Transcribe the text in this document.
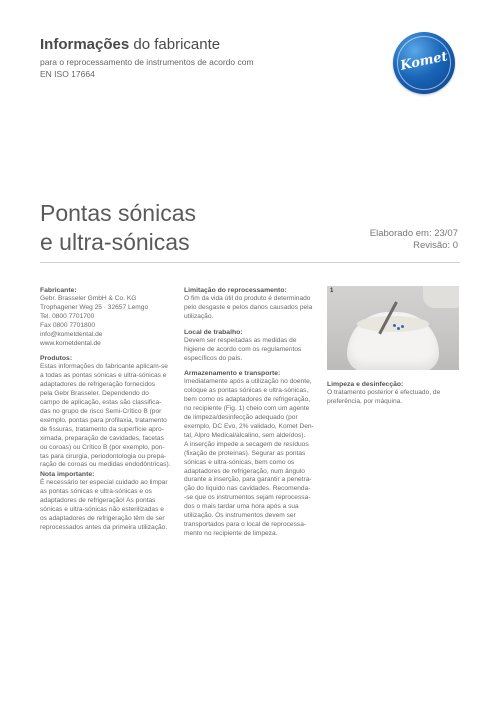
Informações do fabricante
para o reprocessamento de instrumentos de acordo com
EN ISO 17664
Komet
Pontas sónicas
e ultra-sónicas	Elaborado em: 23/07
Revisão: 0
Fabricante:

Gebr. Brasseler GmbH & Co. KG
Trophagener Weg 25 · 32657 Lemgo
Tel. 0800 7701700
Fax 0800 7701800
info@kometdental.de
www.kometdental.de

Produtos:

Estas informações do fabricante aplicam-se
a todas as pontas sónicas e ultra-sónicas e
adaptadores de refrigeração fornecidos
pela Gebr Brasseler. Dependendo do
campo de aplicação, estas são classifica-
das no grupo de risco Semi-Crítico B (por
exemplo, pontas para profilaxia, tratamento
de fissuras, tratamento da superfície apro-
ximada, preparação de cavidades, facetas
ou coroas) ou Crítico B (por exemplo, pon-
tas para cirurgia, periodontologia ou prepa-
ração de coroas ou medidas endodôntricas).

Nota importante:

É necessário ter especial cuidado ao limpar
as pontas sónicas e ultra-sónicas e os
adaptadores de refrigeração! As pontas
sónicas e ultra-sónicas não esterilizadas e
os adaptadores de refrigeração têm de ser
reprocessados antes da primeira utilização.

Limitação do reprocessamento:

O fim da vida útil do produto é determinado
pelo desgaste e pelos danos causados pela
utilização.

Local de trabalho:

Devem ser respeitadas as medidas de
higiene de acordo com os regulamentos
específicos do país.

Armazenamento e transporte:

Imediatamente após a utilização no doente,
coloque as pontas sónicas e ultra-sónicas,
bem como os adaptadores de refrigeração,
no recipiente (Fig. 1) cheio com um agente
de limpeza/desinfecção adequado (por
exemplo, DC Evo, 2% validado, Komet Den-
tal, Alpro Medical/alcalino, sem aldeídos).
A inserção impede a secagem de resíduos
(fixação de proteínas). Segurar as pontas
sónicas e ultra-sónicas, bem como os
adaptadores de refrigeração, num ângulo
durante a inserção, para garantir a penetra-
ção do líquido nas cavidades. Recomenda-
-se que os instrumentos sejam reprocessa-
dos o mais tardar uma hora após a sua
utilização. Os instrumentos devem ser
transportados para o local de reprocessa-
mento no recipiente de limpeza.

1
Limpeza e desinfecção:

O tratamento posterior é efectuado, de
preferência, por máquina.
